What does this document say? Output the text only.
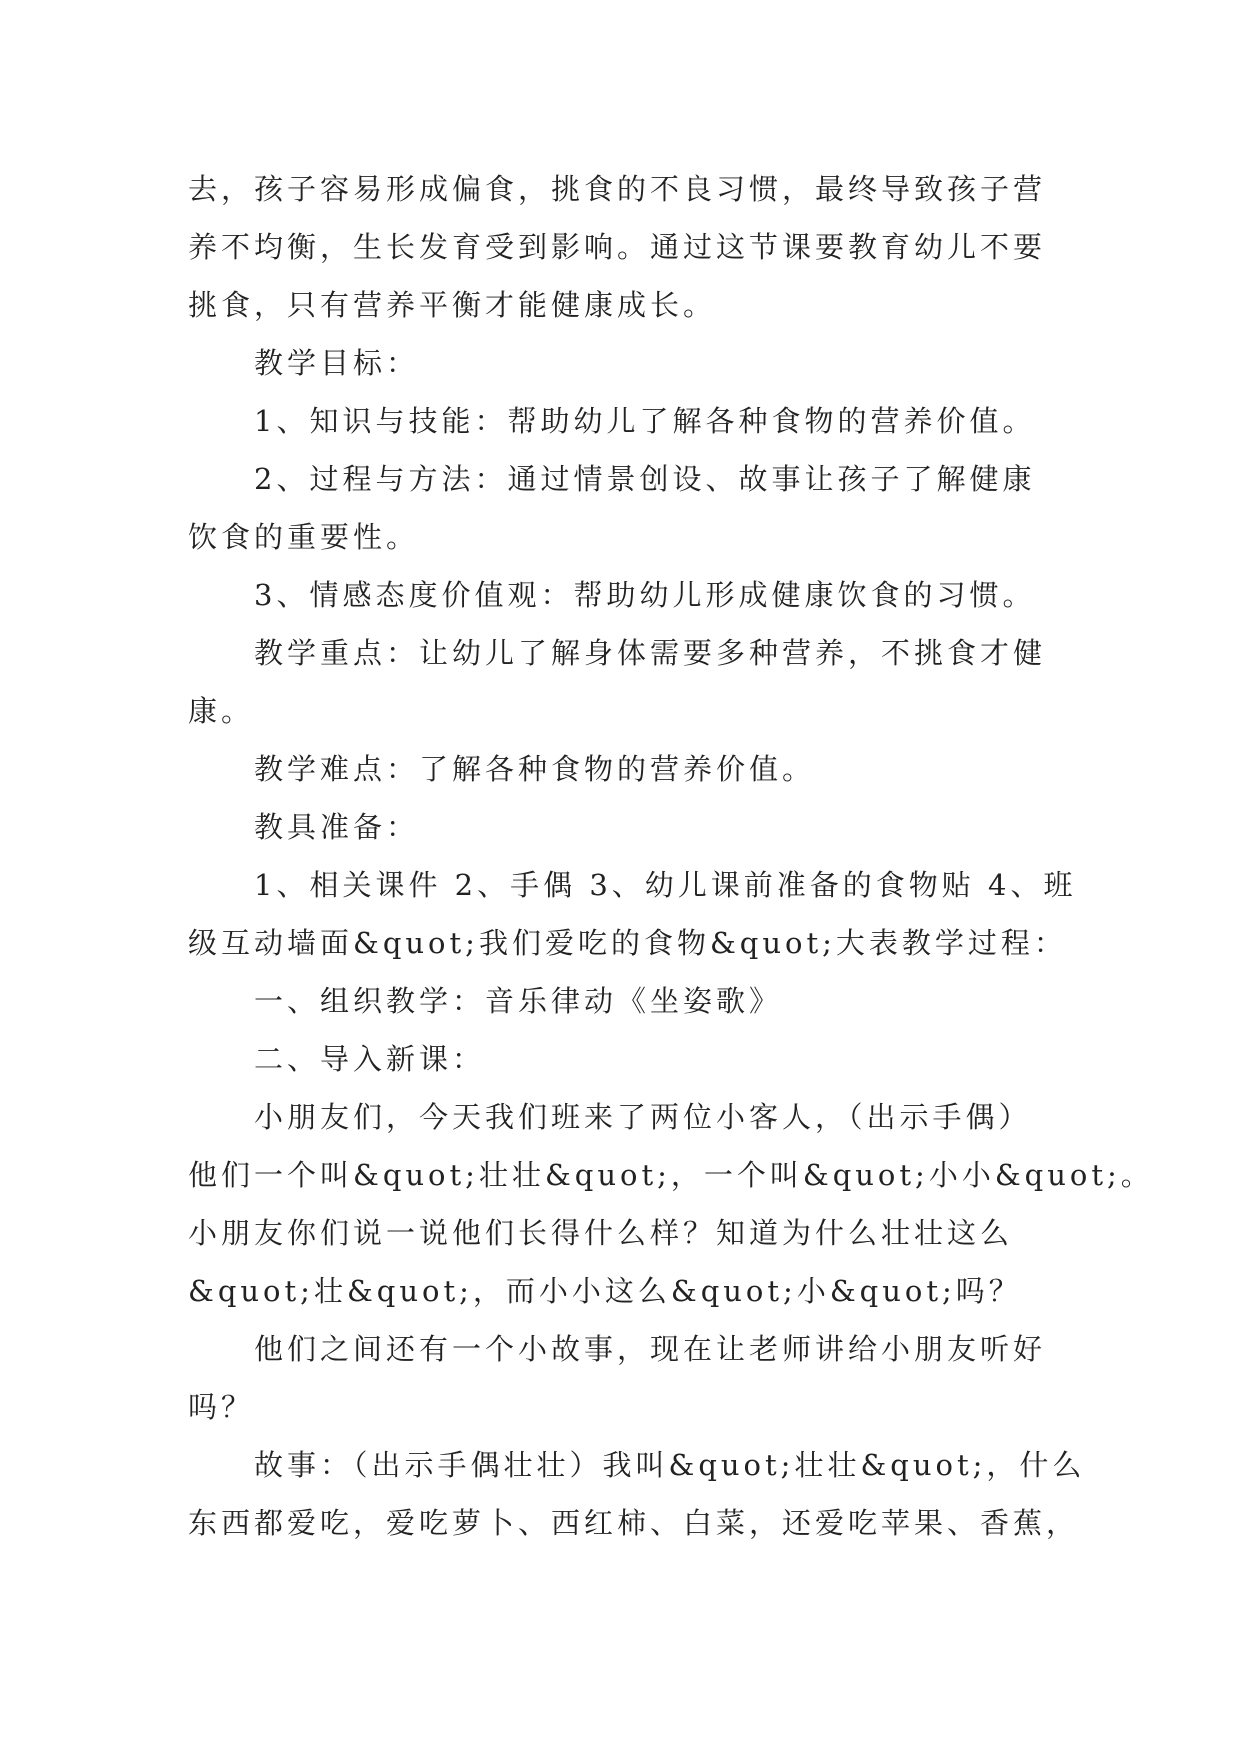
去，孩子容易形成偏食，挑食的不良习惯，最终导致孩子营
养不均衡，生长发育受到影响。通过这节课要教育幼儿不要
挑食，只有营养平衡才能健康成长。
教学目标：
1、知识与技能：帮助幼儿了解各种食物的营养价值。
2、过程与方法：通过情景创设、故事让孩子了解健康
饮食的重要性。
3、情感态度价值观：帮助幼儿形成健康饮食的习惯。
教学重点：让幼儿了解身体需要多种营养，不挑食才健
康。
教学难点：了解各种食物的营养价值。
教具准备：
1、相关课件 2、手偶 3、幼儿课前准备的食物贴 4、班
级互动墙面&quot;我们爱吃的食物&quot;大表教学过程：
一、组织教学：音乐律动《坐姿歌》
二、导入新课：
小朋友们，今天我们班来了两位小客人，（出示手偶）
他们一个叫&quot;壮壮&quot;，一个叫&quot;小小&quot;。
小朋友你们说一说他们长得什么样？知道为什么壮壮这么
&quot;壮&quot;，而小小这么&quot;小&quot;吗？
他们之间还有一个小故事，现在让老师讲给小朋友听好
吗？
故事：（出示手偶壮壮）我叫&quot;壮壮&quot;，什么
东西都爱吃，爱吃萝卜、西红柿、白菜，还爱吃苹果、香蕉，
